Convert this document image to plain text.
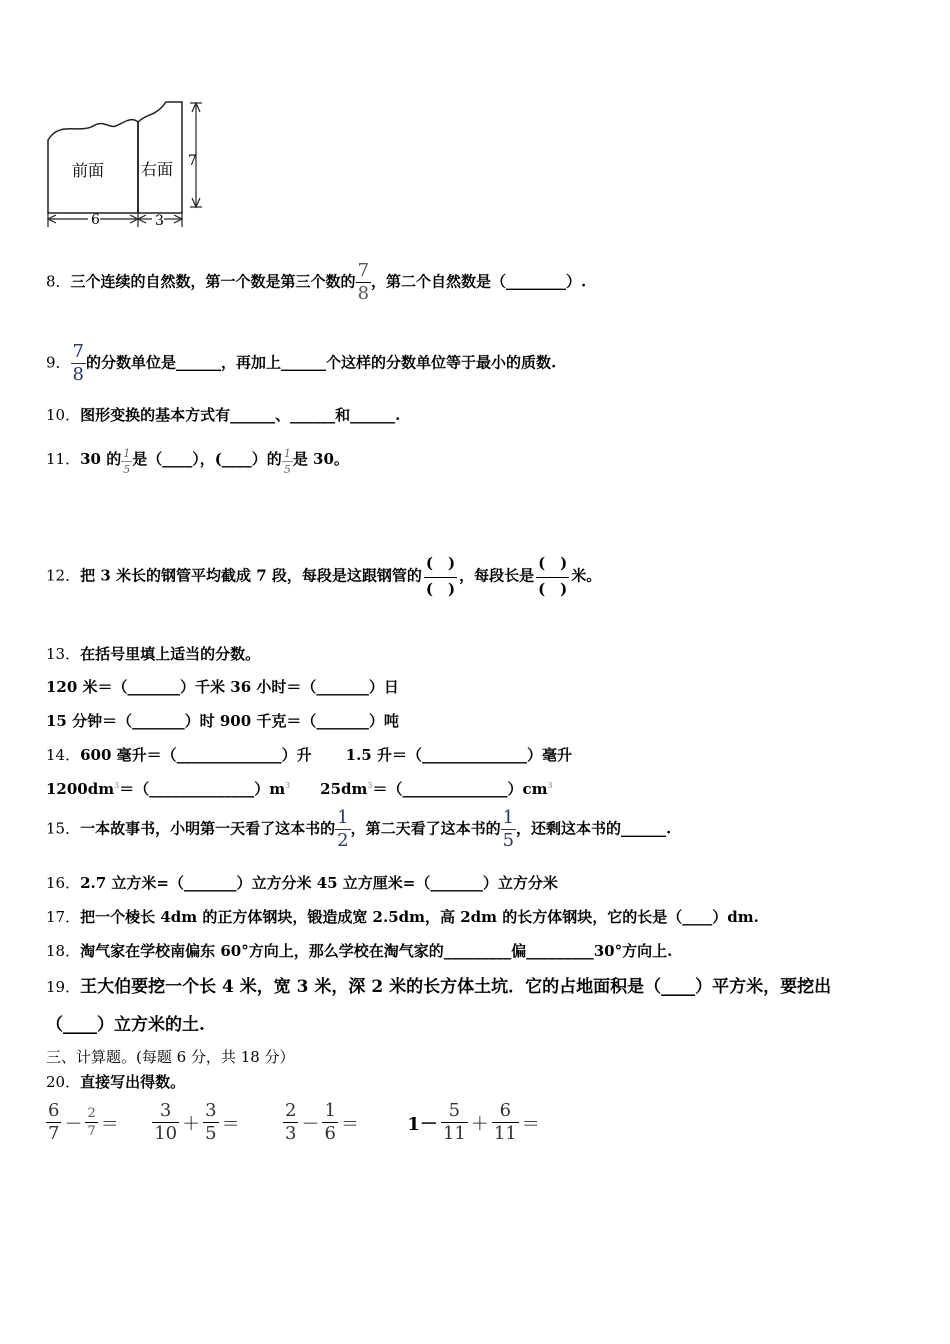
前面 右面 7
6	3
8．三个连续的自然数，第一个数是第三个数的 $\frac{7}{8}$ ，第二个自然数是（________）.
9． $\frac{7}{8}$ 的分数单位是______，再加上______个这样的分数单位等于最小的质数.
10．图形变换的基本方式有______、______和______.
11．30 的 $\frac{1}{5}$ 是（____），(____）的 $\frac{1}{5}$ 是 30。
12．把 3 米长的钢管平均截成 7 段，每段是这跟钢管的 $\frac{( )}{( )}$ ，每段长是 $\frac{( )}{( )}$ 米。
13．在括号里填上适当的分数。
120 米＝（_______）千米 36 小时＝（_______）日
15 分钟＝（_______）时 900 千克＝（_______）吨
14．600 毫升＝（______________）升 1.5 升＝（______________）毫升
$1200dm^3=(\_\_\_\_\_\_\_\_\_\_\_\_\_\_)m^3$ $25dm^3=(\_\_\_\_\_\_\_\_\_\_\_\_\_\_)cm^3$
15．一本故事书，小明第一天看了这本书的 $\frac{1}{2}$ ，第二天看了这本书的 $\frac{1}{5}$ ，还剩这本书的______.
16．2.7 立方米=（_______）立方分米 45 立方厘米=（_______）立方分米
17．把一个棱长 4dm 的正方体钢块，锻造成宽 2.5dm，高 2dm 的长方体钢块，它的长是（____）dm.
18．淘气家在学校南偏东 60°方向上，那么学校在淘气家的_________偏_________30°方向上.
19．王大伯要挖一个长 4 米，宽 3 米，深 2 米的长方体土坑．它的占地面积是（____）平方米，要挖出
（____）立方米的土.
三、计算题。(每题 6 分，共 18 分）
20．直接写出得数。
$\frac{6}{7} - \frac{2}{7} = \frac{3}{10} + \frac{3}{5} = \frac{2}{3} - \frac{1}{6}$ ＝	$1- \frac{5}{11} + \frac{6}{11}$ ＝
